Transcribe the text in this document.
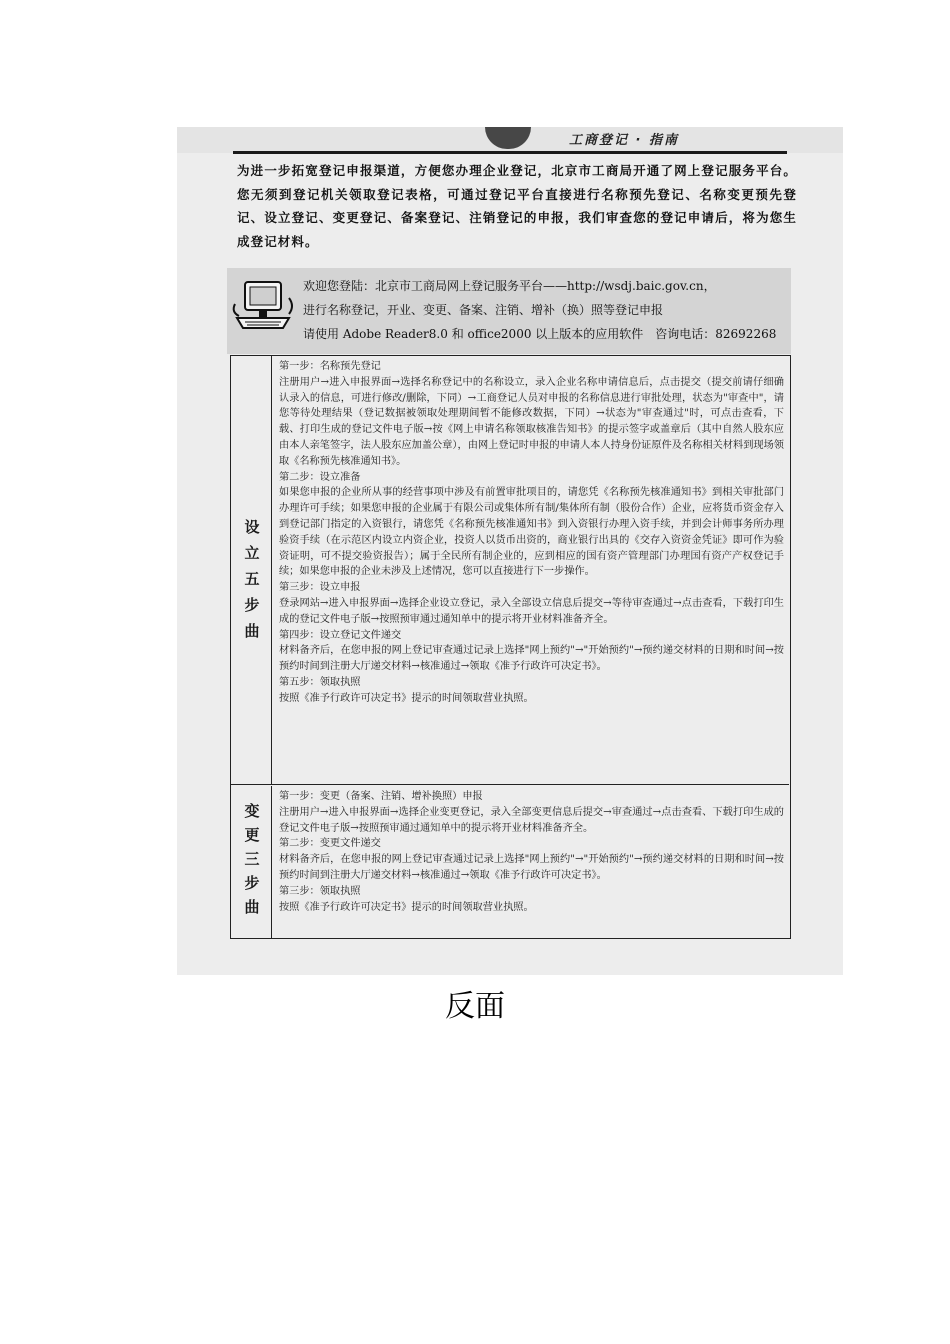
工商登记 · 指南
为进一步拓宽登记申报渠道，方便您办理企业登记，北京市工商局开通了网上登记服务平台。您无须到登记机关领取登记表格，可通过登记平台直接进行名称预先登记、名称变更预先登记、设立登记、变更登记、备案登记、注销登记的申报，我们审查您的登记申请后，将为您生成登记材料。
欢迎您登陆：北京市工商局网上登记服务平台——http://wsdj.baic.gov.cn，
进行名称登记，开业、变更、备案、注销、增补（换）照等登记申报
请使用 Adobe Reader8.0 和 office2000 以上版本的应用软件　咨询电话：82692268
设
立
五
步
曲
第一步：名称预先登记
注册用户→进入申报界面→选择名称登记中的名称设立，录入企业名称申请信息后，点击提交（提交前请仔细确认录入的信息，可进行修改/删除，下同）→工商登记人员对申报的名称信息进行审批处理，状态为"审查中"，请您等待处理结果（登记数据被领取处理期间暂不能修改数据，下同）→状态为"审查通过"时，可点击查看，下载、打印生成的登记文件电子版→按《网上申请名称领取核准告知书》的提示签字或盖章后（其中自然人股东应由本人亲笔签字，法人股东应加盖公章），由网上登记时申报的申请人本人持身份证原件及名称相关材料到现场领取《名称预先核准通知书》。
第二步：设立准备
如果您申报的企业所从事的经营事项中涉及有前置审批项目的，请您凭《名称预先核准通知书》到相关审批部门办理许可手续；如果您申报的企业属于有限公司或集体所有制/集体所有制（股份合作）企业，应将货币资金存入到登记部门指定的入资银行，请您凭《名称预先核准通知书》到入资银行办理入资手续，并到会计师事务所办理验资手续（在示范区内设立内资企业，投资人以货币出资的，商业银行出具的《交存入资资金凭证》即可作为验资证明，可不提交验资报告）；属于全民所有制企业的，应到相应的国有资产管理部门办理国有资产产权登记手续；如果您申报的企业未涉及上述情况，您可以直接进行下一步操作。
第三步：设立申报
登录网站→进入申报界面→选择企业设立登记，录入全部设立信息后提交→等待审查通过→点击查看，下载打印生成的登记文件电子版→按照预审通过通知单中的提示将开业材料准备齐全。
第四步：设立登记文件递交
材料备齐后，在您申报的网上登记审查通过记录上选择"网上预约"→"开始预约"→预约递交材料的日期和时间→按预约时间到注册大厅递交材料→核准通过→领取《准予行政许可决定书》。
第五步：领取执照
按照《准予行政许可决定书》提示的时间领取营业执照。
变
更
三
步
曲
第一步：变更（备案、注销、增补换照）申报
注册用户→进入申报界面→选择企业变更登记，录入全部变更信息后提交→审查通过→点击查看、下载打印生成的登记文件电子版→按照预审通过通知单中的提示将开业材料准备齐全。
第二步：变更文件递交
材料备齐后，在您申报的网上登记审查通过记录上选择"网上预约"→"开始预约"→预约递交材料的日期和时间→按预约时间到注册大厅递交材料→核准通过→领取《准予行政许可决定书》。
第三步：领取执照
按照《准予行政许可决定书》提示的时间领取营业执照。
反面
